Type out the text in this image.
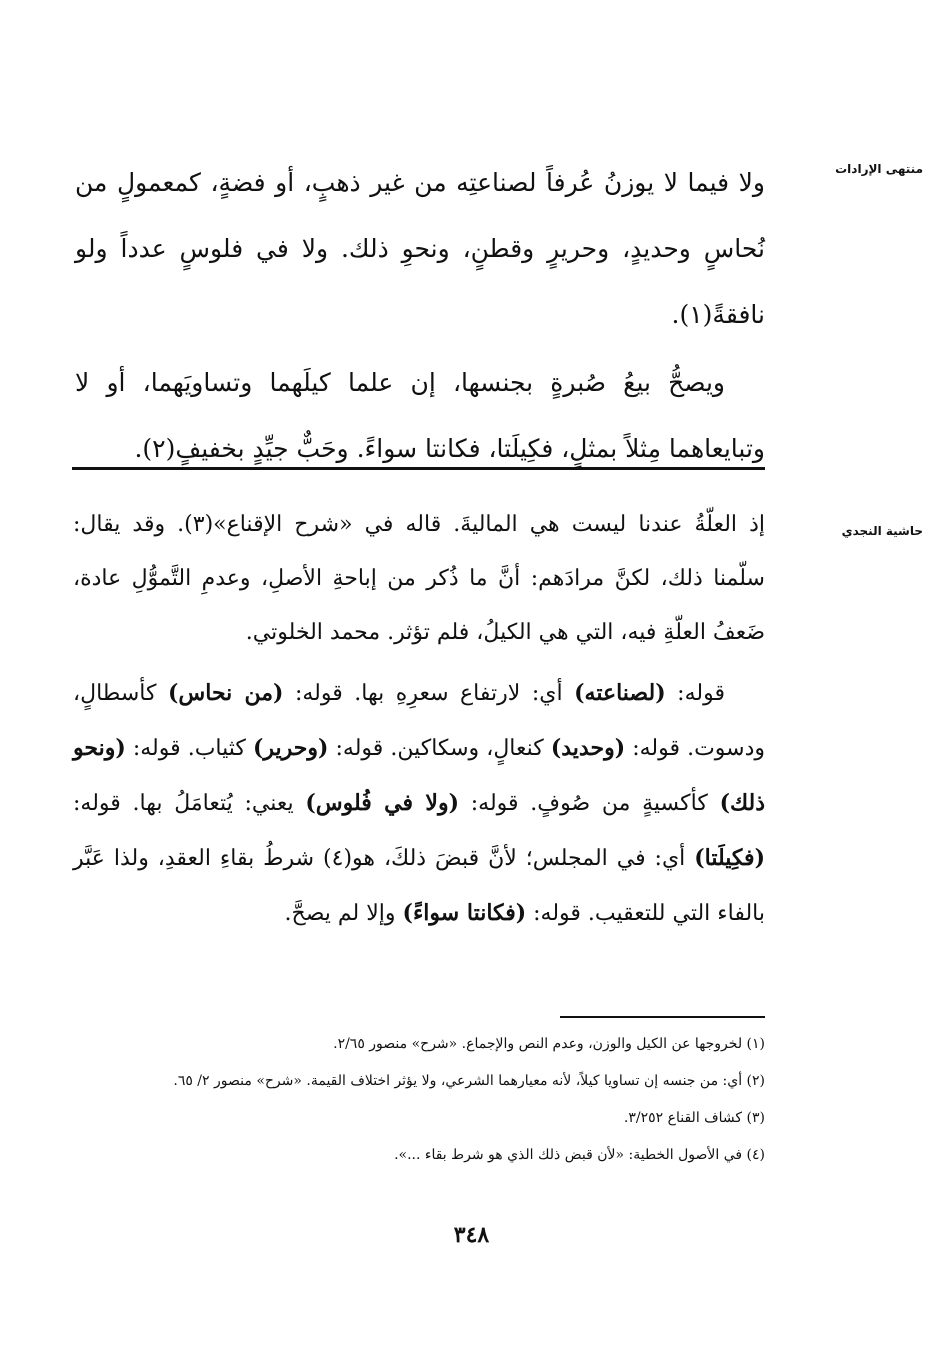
منتهى الإرادات

ولا فيما لا يوزنُ عُرفاً لصناعتِه من غير ذهبٍ، أو فضةٍ، كمعمولٍ من نُحاسٍ وحديدٍ، وحريرٍ وقطنٍ، ونحوِ ذلك. ولا في فلوسٍ عدداً ولو نافقةً(١).

ويصحُّ بيعُ صُبرةٍ بجنسها، إن علما كيلَهما وتساويَهما، أو لا وتبايعاهما مِثلاً بمثلٍ، فكِيلَتا، فكانتا سواءً. وحَبٌّ جيِّدٍ بخفيفٍ(٢).

حاشية النجدي

إذ العلّةُ عندنا ليست هي الماليةَ. قاله في «شرح الإقناع»(٣). وقد يقال: سلّمنا ذلك، لكنَّ مرادَهم: أنَّ ما ذُكر من إباحةِ الأصلِ، وعدمِ التَّموُّلِ عادة، ضَعفُ العلّةِ فيه، التي هي الكيلُ، فلم تؤثر. محمد الخلوتي.

قوله: (لصناعته) أي: لارتفاع سعرِهِ بها. قوله: (من نحاس) كأسطالٍ، ودسوت. قوله: (وحديد) كنعالٍ، وسكاكين. قوله: (وحرير) كثياب. قوله: (ونحو ذلك) كأكسيةٍ من صُوفٍ. قوله: (ولا في فُلوس) يعني: يُتعامَلُ بها. قوله: (فكِيلَتا) أي: في المجلس؛ لأنَّ قبضَ ذلكَ، هو(٤) شرطُ بقاءِ العقدِ، ولذا عَبَّر بالفاء التي للتعقيب. قوله: (فكانتا سواءً) وإلا لم يصحَّ.

(١) لخروجها عن الكيل والوزن، وعدم النص والإجماع. «شرح» منصور ٢/٦٥.

(٢) أي: من جنسه إن تساويا كيلاً، لأنه معيارهما الشرعي، ولا يؤثر اختلاف القيمة. «شرح» منصور ٢/ ٦٥.

(٣) كشاف القناع ٣/٢٥٢.

(٤) في الأصول الخطية: «لأن قبض ذلك الذي هو شرط بقاء ...».

٣٤٨
